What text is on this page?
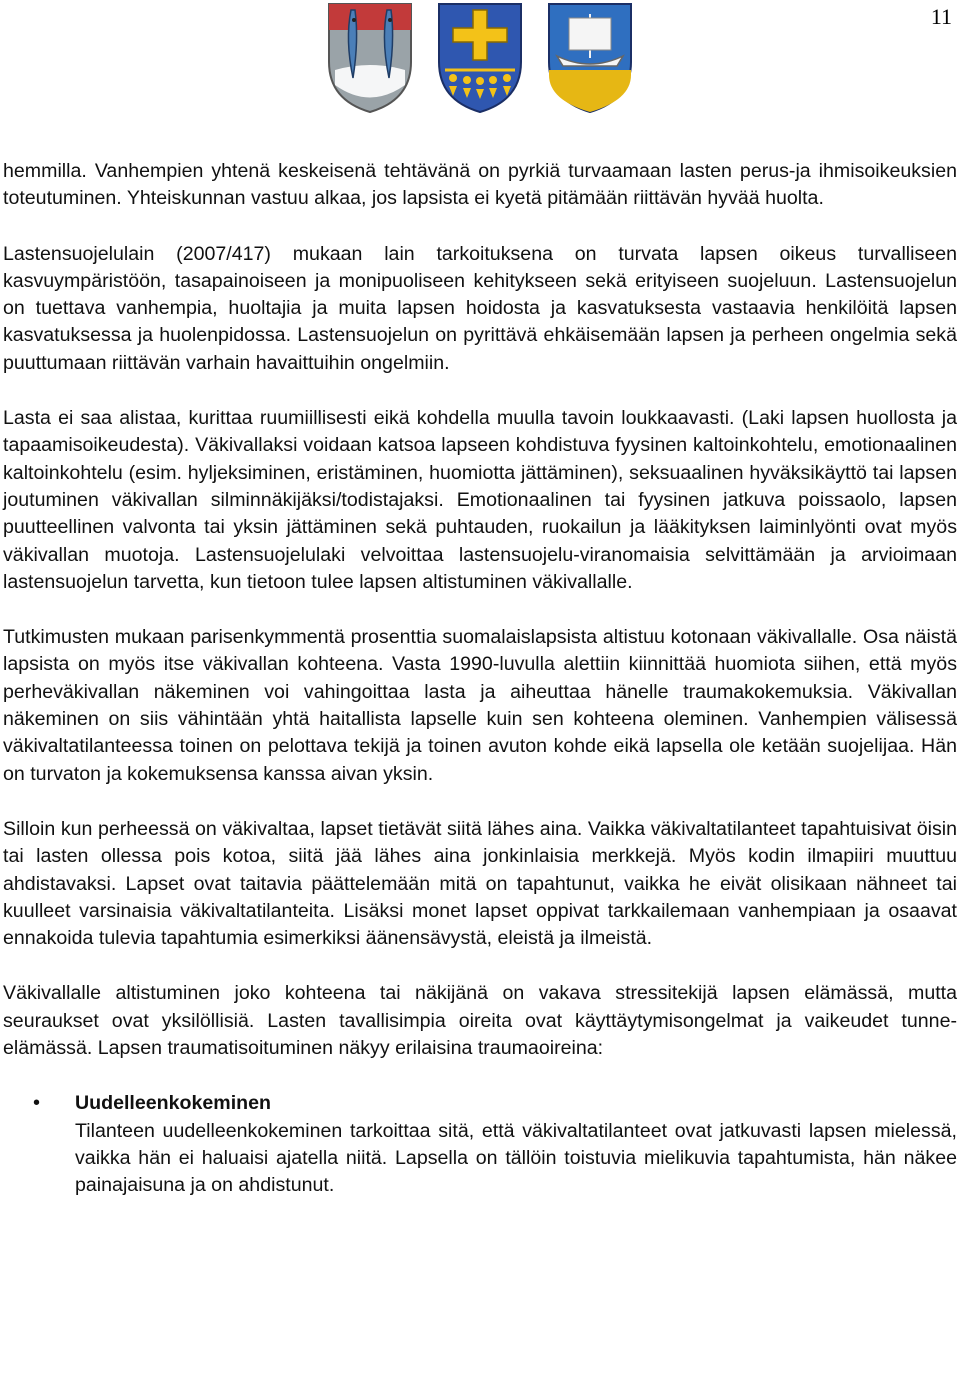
11

hemmilla. Vanhempien yhtenä keskeisenä tehtävänä on pyrkiä turvaamaan lasten perus-ja ihmisoikeuksien toteutuminen. Yhteiskunnan vastuu alkaa, jos lapsista ei kyetä pitämään riittävän hyvää huolta.

Lastensuojelulain (2007/417) mukaan lain tarkoituksena on turvata lapsen oikeus turvalliseen kasvuympäristöön, tasapainoiseen ja monipuoliseen kehitykseen sekä erityiseen suojeluun. Lastensuojelun on tuettava vanhempia, huoltajia ja muita lapsen hoidosta ja kasvatuksesta vastaavia henkilöitä lapsen kasvatuksessa ja huolenpidossa. Lastensuojelun on pyrittävä ehkäisemään lapsen ja perheen ongelmia sekä puuttumaan riittävän varhain havaittuihin ongelmiin.

Lasta ei saa alistaa, kurittaa ruumiillisesti eikä kohdella muulla tavoin loukkaavasti. (Laki lapsen huollosta ja tapaamisoikeudesta). Väkivallaksi voidaan katsoa lapseen kohdistuva fyysinen kaltoinkohtelu, emotionaalinen kaltoinkohtelu (esim. hyljeksiminen, eristäminen, huomiotta jättäminen), seksuaalinen hyväksikäyttö tai lapsen joutuminen väkivallan silminnäkijäksi/todistajaksi. Emotionaalinen tai fyysinen jatkuva poissaolo, lapsen puutteellinen valvonta tai yksin jättäminen sekä puhtauden, ruokailun ja lääkityksen laiminlyönti ovat myös väkivallan muotoja. Lastensuojelulaki velvoittaa lastensuojelu-viranomaisia selvittämään ja arvioimaan lastensuojelun tarvetta, kun tietoon tulee lapsen altistuminen väkivallalle.

Tutkimusten mukaan parisenkymmentä prosenttia suomalaislapsista altistuu kotonaan väkivallalle. Osa näistä lapsista on myös itse väkivallan kohteena. Vasta 1990-luvulla alettiin kiinnittää huomiota siihen, että myös perheväkivallan näkeminen voi vahingoittaa lasta ja aiheuttaa hänelle traumakokemuksia. Väkivallan näkeminen on siis vähintään yhtä haitallista lapselle kuin sen kohteena oleminen. Vanhempien välisessä väkivaltatilanteessa toinen on pelottava tekijä ja toinen avuton kohde eikä lapsella ole ketään suojelijaa. Hän on turvaton ja kokemuksensa kanssa aivan yksin.

Silloin kun perheessä on väkivaltaa, lapset tietävät siitä lähes aina. Vaikka väkivaltatilanteet tapahtuisivat öisin tai lasten ollessa pois kotoa, siitä jää lähes aina jonkinlaisia merkkejä. Myös kodin ilmapiiri muuttuu ahdistavaksi. Lapset ovat taitavia päättelemään mitä on tapahtunut, vaikka he eivät olisikaan nähneet tai kuulleet varsinaisia väkivaltatilanteita. Lisäksi monet lapset oppivat tarkkailemaan vanhempiaan ja osaavat ennakoida tulevia tapahtumia esimerkiksi äänensävystä, eleistä ja ilmeistä.

Väkivallalle altistuminen joko kohteena tai näkijänä on vakava stressitekijä lapsen elämässä, mutta seuraukset ovat yksilöllisiä. Lasten tavallisimpia oireita ovat käyttäytymisongelmat ja vaikeudet tunne-elämässä. Lapsen traumatisoituminen näkyy erilaisina traumaoireina:

• Uudelleenkokeminen
Tilanteen uudelleenkokeminen tarkoittaa sitä, että väkivaltatilanteet ovat jatkuvasti lapsen mielessä, vaikka hän ei haluaisi ajatella niitä. Lapsella on tällöin toistuvia mielikuvia tapahtumista, hän näkee painajaisuna ja on ahdistunut.
